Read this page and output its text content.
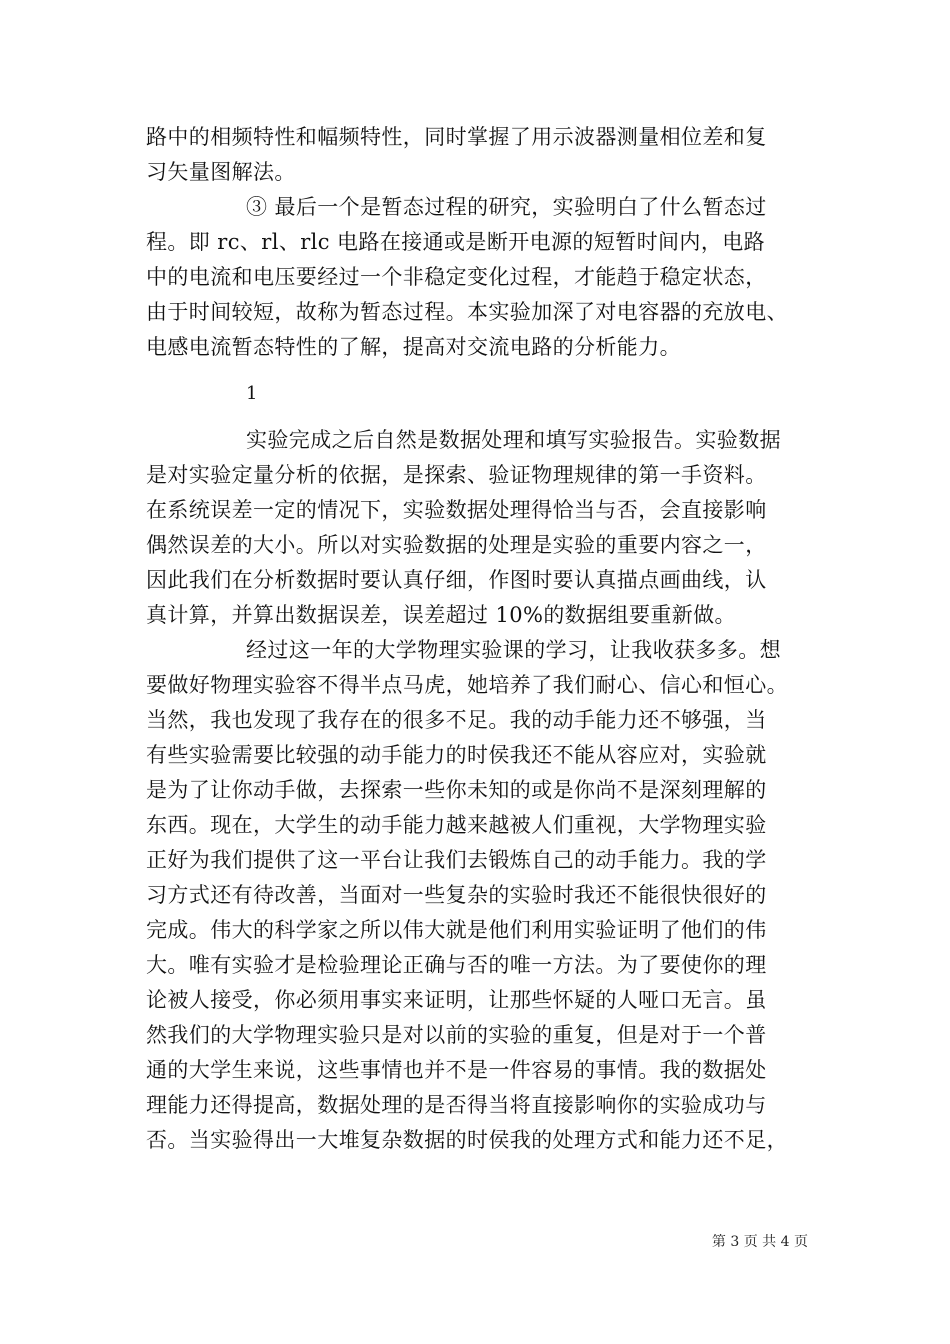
路中的相频特性和幅频特性，同时掌握了用示波器测量相位差和复
习矢量图解法。
③ 最后一个是暂态过程的研究，实验明白了什么暂态过
程。即 rc、rl、rlc 电路在接通或是断开电源的短暂时间内，电路
中的电流和电压要经过一个非稳定变化过程，才能趋于稳定状态，
由于时间较短，故称为暂态过程。本实验加深了对电容器的充放电、
电感电流暂态特性的了解，提高对交流电路的分析能力。
1
实验完成之后自然是数据处理和填写实验报告。实验数据
是对实验定量分析的依据，是探索、验证物理规律的第一手资料。
在系统误差一定的情况下，实验数据处理得恰当与否，会直接影响
偶然误差的大小。所以对实验数据的处理是实验的重要内容之一，
因此我们在分析数据时要认真仔细，作图时要认真描点画曲线，认
真计算，并算出数据误差，误差超过 10%的数据组要重新做。
经过这一年的大学物理实验课的学习，让我收获多多。想
要做好物理实验容不得半点马虎，她培养了我们耐心、信心和恒心。
当然，我也发现了我存在的很多不足。我的动手能力还不够强，当
有些实验需要比较强的动手能力的时侯我还不能从容应对，实验就
是为了让你动手做，去探索一些你未知的或是你尚不是深刻理解的
东西。现在，大学生的动手能力越来越被人们重视，大学物理实验
正好为我们提供了这一平台让我们去锻炼自己的动手能力。我的学
习方式还有待改善，当面对一些复杂的实验时我还不能很快很好的
完成。伟大的科学家之所以伟大就是他们利用实验证明了他们的伟
大。唯有实验才是检验理论正确与否的唯一方法。为了要使你的理
论被人接受，你必须用事实来证明，让那些怀疑的人哑口无言。虽
然我们的大学物理实验只是对以前的实验的重复，但是对于一个普
通的大学生来说，这些事情也并不是一件容易的事情。我的数据处
理能力还得提高，数据处理的是否得当将直接影响你的实验成功与
否。当实验得出一大堆复杂数据的时侯我的处理方式和能力还不足，
第 3 页 共 4 页
